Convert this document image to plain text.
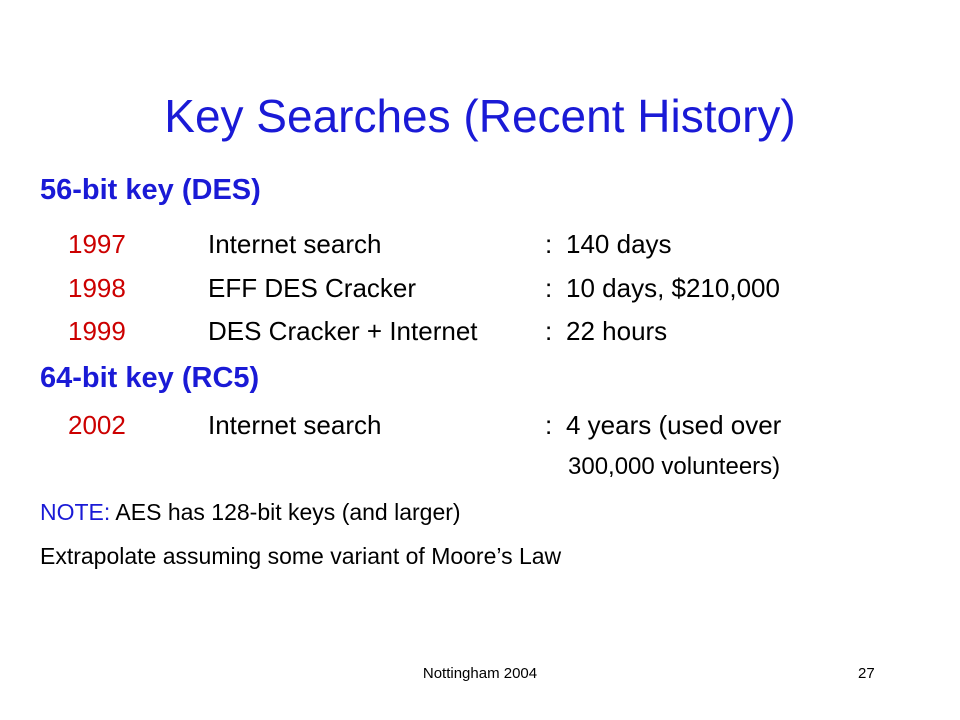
Key Searches (Recent History)
56-bit key (DES)
1997	Internet search	: 140 days
1998	EFF DES Cracker	: 10 days, $210,000
1999	DES Cracker + Internet	: 22 hours
64-bit key (RC5)
2002	Internet search	: 4 years (used over
300,000 volunteers)
NOTE: AES has 128-bit keys (and larger)
Extrapolate assuming some variant of Moore’s Law
Nottingham 2004	27
